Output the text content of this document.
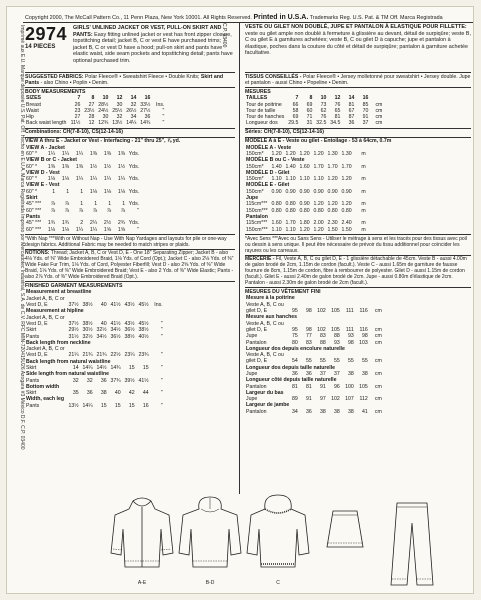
Copyright 2000, The McCall Pattern Co., 11 Penn Plaza, New York 10001. All Rights Reserved. Printed in U.S.A. Trademarks Reg. U.S. Pat. & TM Off. Marca Registrada
Imprimé aux E.U. Marque déposée U.S. Pat. Off. Hecho en E.U.A. Marca Registrada Impreso por Mercadotec Industrial, S.A. de C.V. RFC MIN-720415U26 Azogara #3 México D.F. C.P. 03400 2974
14 PIECES
GIRLS' UNLINED JACKET OR VEST, PULL-ON SKIRT AND PANTS: Easy fitting unlined jacket or vest has front zipper closure, topstitching detail; jacket B, C or vest E have purchased trims; jacket B, C or vest D have a hood; pull-on skirt and pants have elastic waist, side seam pockets and topstitching detail; pants have optional purchased trim.
C.P. 03400	VESTE OU GILET NON DOUBLÉ, JUPE ET PANTALON À ELASTIQUE POUR FILLETTE: veste ou gilet ample non doublé à fermeture à glissière au devant, détail de surpiqûre; veste B, C ou gilet E à garnitures achetées; veste B, C ou gilet D à capuche; jupe et pantalon à élastique, poches dans la couture du côté et détail de surpiqûre; pantalon à garniture achetée facultative.
SUGGESTED FABRICS: Polar Fleece® • Sweatshirt Fleece • Double Knits; Skirt and Pants - also Chino • Poplin • Denim.
BODY MEASUREMENTS
SIZES	7	8	10	12	14	16	
Breast	26	27	28½	30	32	33½	Ins.
Waist	23	23½	24½	25½	26½	27½	"
Hip	27	28	30	32	34	36	"
Back waist length	11½	12	12¾	13½	14¼	14¾	"
Combinations: CH(7-8-10), CS(12-14-16)
VIEW A thru E - Jacket or Vest - Interfacing - 21" thru 25", ⅞ yd.
VIEW A - Jacket							
60" *	1¼	1¼	1¼	1⅜	1⅜	1⅜	Yds.
VIEW B or C - Jacket							
60" *	1⅜	1⅜	1⅜	1½	1½	1½	Yds.
VIEW D - Vest							
60" *	1⅛	1⅛	1¼	1¼	1¼	1¼	Yds.
VIEW E - Vest							
60" *	1	1	1	1⅛	1⅛	1⅛	Yds.
Skirt							
45" ***	⅞	⅞	1	1	1	1	Yds.
60" ***	⅞	⅞	⅞	⅞	⅞	⅞	"
Pants							
45" ***	1¾	1¾	2	2¼	2½	2¾	Yds.
60" ***	1⅛	1⅛	1¼	1¼	1⅝	1⅝	"
*With Nap ***With or Without Nap - Use With Nap Yardages and layouts for pile or one-way design fabrics. Additional Fabric may be needed to match stripes or plaids.
NOTIONS: Thread; Jacket A, B, C or Vest D, E - One 18" Separating Zipper; Jacket B - also 4⅛ Yds. of ⅜" Wide Embroidered Braid, 1⅛ Yds. of Cord (Opt.); Jacket C - also 2⅛ Yds. of ⅜" Wide Fake Fur Trim, 1⅛ Yds. of Cord, Polyester Fiberfill; Vest D - also 2⅝ Yds. of ⅜" Wide Braid, 1⅛ Yds. of ⅜" Wide Embroidered Braid; Vest E - also 2 Yds. of ⅜" Wide Elastic; Pants - also 2⅞ Yds. of ⅜" Wide Embroidered Braid (Opt.).
FINISHED GARMENT MEASUREMENTS
Measurement at breastline							
Jacket A, B, C or							
Vest D, E	37½	38½	40	41½	43½	45½	Ins.
Measurement at hipline							
Jacket A, B, C or							
Vest D, E	37½	38½	40	41½	43½	45½	"
Skirt	29½	30½	32½	34½	36½	38½	"
Pants	31½	32½	34½	36½	38½	40½	"
Back length from neckline							
Jacket A, B, C or							
Vest D, E	21¼	21¾	21¾	22½	23¼	23¾	"
Back length from natural waistline							
Skirt	14	14¼	14½	14¾	15	15	"
Side length from natural waistline							
Pants	32	32	36	37¾	39½	41½	"
Bottom width							
Skirt	35	36	38	40	42	44	"
Width, each leg							
Pants	13½	14¼	15	15	15	16	"
TISSUS CONSEILLÉS - Polar Fleece® • Jersey molletonné pour sweatshirt • Jersey double. Jupe et pantalon - aussi Chino • Popeline • Denim.
MESURES
TAILLES	7	8	10	12	14	16	
Tour de poitrine	66	69	73	76	81	85	cm
Tour de taille	58	60	62	65	67	70	cm
Tour de hanches	69	71	76	81	87	91	cm
Longueur dos	29.5	31	32.5	34.5	36	37	cm
Séries: CH(7-8-10), CS(12-14-16)
MODÈLE A à E - Veste ou gilet - Entoilage - 53 à 64cm, 0.7m
MODÈLE A - Veste							
150cm*	1.20	1.20	1.20	1.20	1.30	1.30	m
MODÈLE B ou C - Veste							
150cm*	1.40	1.40	1.60	1.70	1.70	1.70	m
MODÈLE D - Gilet							
150cm*	1.10	1.10	1.10	1.10	1.20	1.20	m
MODÈLE E - Gilet							
150cm*	0.90	0.90	0.90	0.90	0.90	0.90	m
Jupe							
115cm***	0.80	0.80	0.90	1.20	1.20	1.20	m
150cm***	0.80	0.80	0.80	0.80	0.80	0.80	m
Pantalon							
115cm***	1.60	1.70	1.80	2.00	2.30	2.40	m
150cm***	1.10	1.10	1.20	1.20	1.50	1.50	m
*Avec Sens ***Avec ou Sans Sens - Utiliser le métrage à sens et les tracés pour des tissus avec poil ou dessin à sens unique. Il peut être nécessaire de prévoir du tissu additionnel pour coïncider les rayures ou les carreaux.
MERCERIE - Fil, Veste A, B, C ou gilet D, E - 1 glissière détachable de 45cm. Veste B - aussi 4.00m de galon brodé de 2cm, 1.15m de cordon (facult.). Veste C - aussi 1.65m de garniture de fausse fourrure de 8cm, 1.15m de cordon, fibre à rembourrer de polyester. Gilet D - aussi 1.15m de cordon (facult.). Gilet E - aussi 2.40m de galon brodé de 2cm. Jupe - aussi 0.80m d'élastique de 2cm. Pantalon - aussi 2.30m de galon brodé de 2cm (facult.).
MESURES DU VÊTEMENT FINI
Mesure à la poitrine							
Veste A, B, C ou							
gilet D, E	95	98	102	105	111	116	cm
Mesure aux hanches							
Veste A, B, C ou							
gilet D, E	95	98	102	105	111	116	cm
Jupe	75	77	83	88	93	98	cm
Pantalon	80	83	88	93	98	103	cm
Longueur dos depuis encolure naturelle							
Veste A, B, C ou							
gilet D, E	54	55	55	55	55	55	cm
Longueur dos depuis taille naturelle							
Jupe	36	36	37	37	38	38	cm
Longueur côté depuis taille naturelle							
Pantalon	81	81	91	96	100	105	cm
Largeur du bas							
Jupe	89	91	97	102	107	112	cm
Largeur de jambe							
Pantalon	34	36	38	38	38	41	cm
A-E	B-D	C
